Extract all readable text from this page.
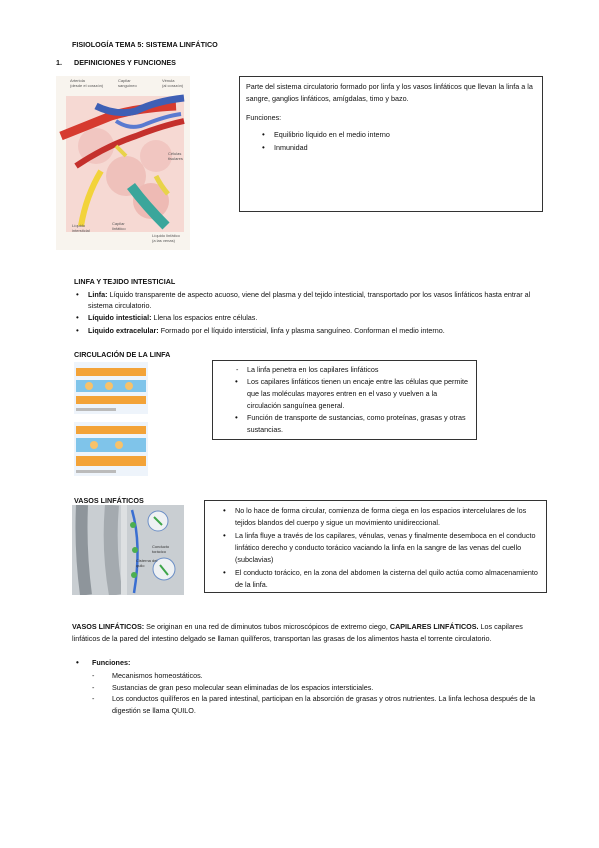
FISIOLOGÍA TEMA 5: SISTEMA LINFÁTICO
1. DEFINICIONES Y FUNCIONES
Arteriola
(desde el corazón)
Capilar
sanguíneo
Vénula
(al corazón)
Células
tisulares
Líquido
intersticial
Capilar
linfático
Líquido linfático
(a las venas)
Parte del sistema circulatorio formado por linfa y los vasos linfáticos que llevan la linfa a la sangre, ganglios linfáticos, amígdalas, timo y bazo.
Funciones:
• Equilibrio líquido en el medio interno
• Inmunidad
LINFA Y TEJIDO INTESTICIAL
• Linfa: Líquido transparente de aspecto acuoso, viene del plasma y del tejido intesticial, transportado por los vasos linfáticos hasta entrar al sistema circulatorio.
• Líquido intesticial: Llena los espacios entre células.
• Liquido extracelular: Formado por el líquido intersticial, linfa y plasma sanguíneo. Conforman el medio interno.
CIRCULACIÓN DE LA LINFA
- La linfa penetra en los capilares linfáticos
• Los capilares linfáticos tienen un encaje entre las células que permite que las moléculas mayores entren en el vaso y vuelven a la circulación sanguínea general.
• Función de transporte de sustancias, como proteínas, grasas y otras sustancias.
VASOS LINFÁTICOS
Conducto
torácico
Cisterna del
quilo
• No lo hace de forma circular, comienza de forma ciega en los espacios intercelulares de los tejidos blandos del cuerpo y sigue un movimiento unidireccional.
• La linfa fluye a través de los capilares, vénulas, venas y finalmente desemboca en el conducto linfático derecho y conducto torácico vaciando la linfa en la sangre de las venas del cuello (subclavias)
• El conducto torácico, en la zona del abdomen la cisterna del quilo actúa como almacenamiento de la linfa.
VASOS LINFÁTICOS: Se originan en una red de diminutos tubos microscópicos de extremo ciego, CAPILARES LINFÁTICOS. Los capilares linfáticos de la pared del intestino delgado se llaman quilíferos, transportan las grasas de los alimentos hasta el torrente circulatorio.
• Funciones:
- Mecanismos homeostáticos.
- Sustancias de gran peso molecular sean eliminadas de los espacios intersticiales.
- Los conductos quilíferos en la pared intestinal, participan en la absorción de grasas y otros nutrientes. La linfa lechosa después de la digestión se llama QUILO.
